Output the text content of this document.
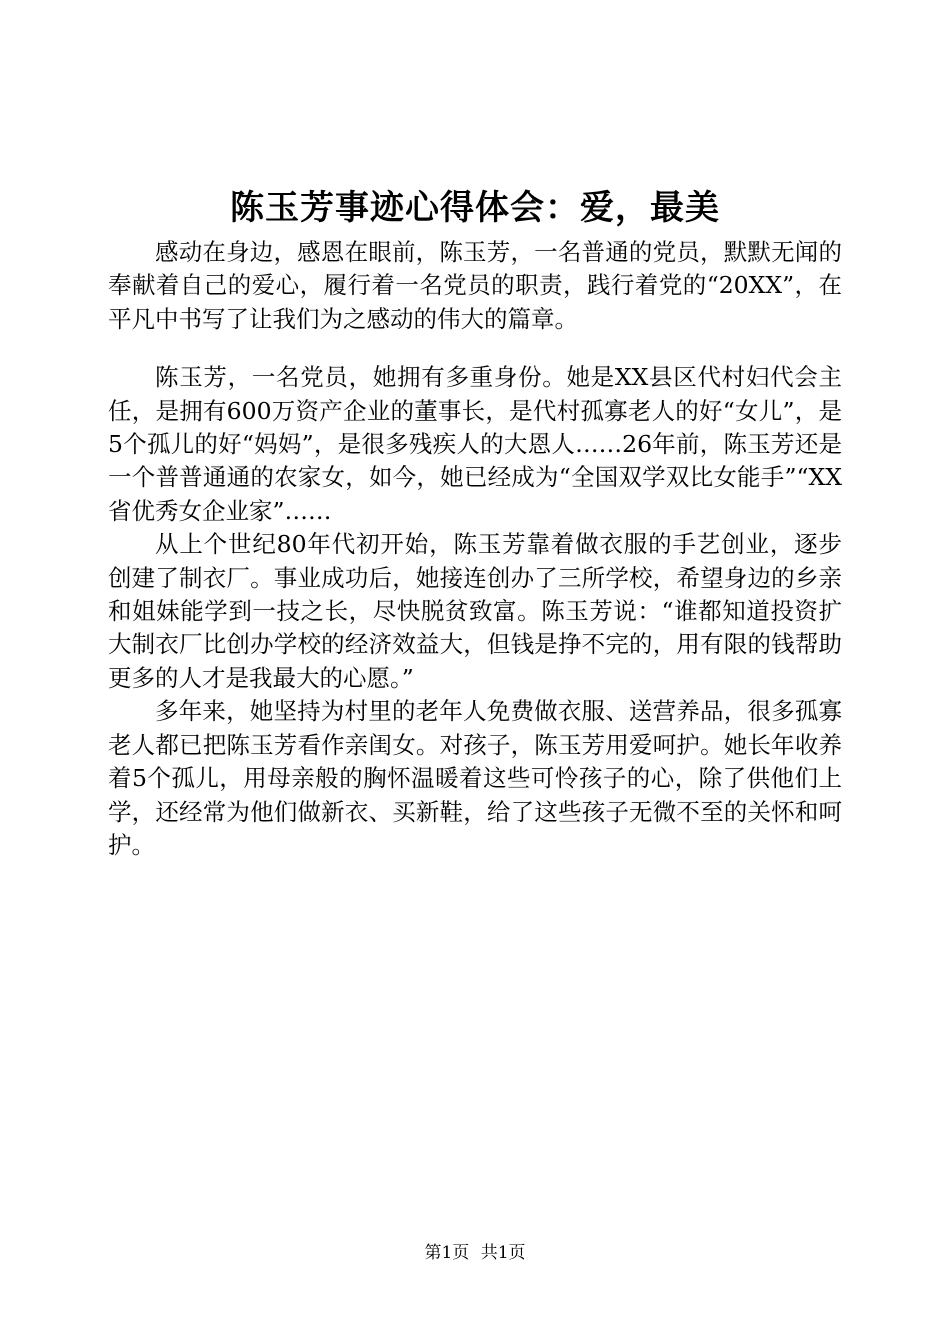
陈玉芳事迹心得体会：爱，最美

感动在身边，感恩在眼前，陈玉芳，一名普通的党员，默默无闻的奉献着自己的爱心，履行着一名党员的职责，践行着党的“20XX”，在平凡中书写了让我们为之感动的伟大的篇章。

陈玉芳，一名党员，她拥有多重身份。她是XX县区代村妇代会主任，是拥有600万资产企业的董事长，是代村孤寡老人的好“女儿”，是5个孤儿的好“妈妈”，是很多残疾人的大恩人……26年前，陈玉芳还是一个普普通通的农家女，如今，她已经成为“全国双学双比女能手”“XX省优秀女企业家”……

从上个世纪80年代初开始，陈玉芳靠着做衣服的手艺创业，逐步创建了制衣厂。事业成功后，她接连创办了三所学校，希望身边的乡亲和姐妹能学到一技之长，尽快脱贫致富。陈玉芳说：“谁都知道投资扩大制衣厂比创办学校的经济效益大，但钱是挣不完的，用有限的钱帮助更多的人才是我最大的心愿。”

多年来，她坚持为村里的老年人免费做衣服、送营养品，很多孤寡老人都已把陈玉芳看作亲闺女。对孩子，陈玉芳用爱呵护。她长年收养着5个孤儿，用母亲般的胸怀温暖着这些可怜孩子的心，除了供他们上学，还经常为他们做新衣、买新鞋，给了这些孩子无微不至的关怀和呵护。

第1页 共1页
